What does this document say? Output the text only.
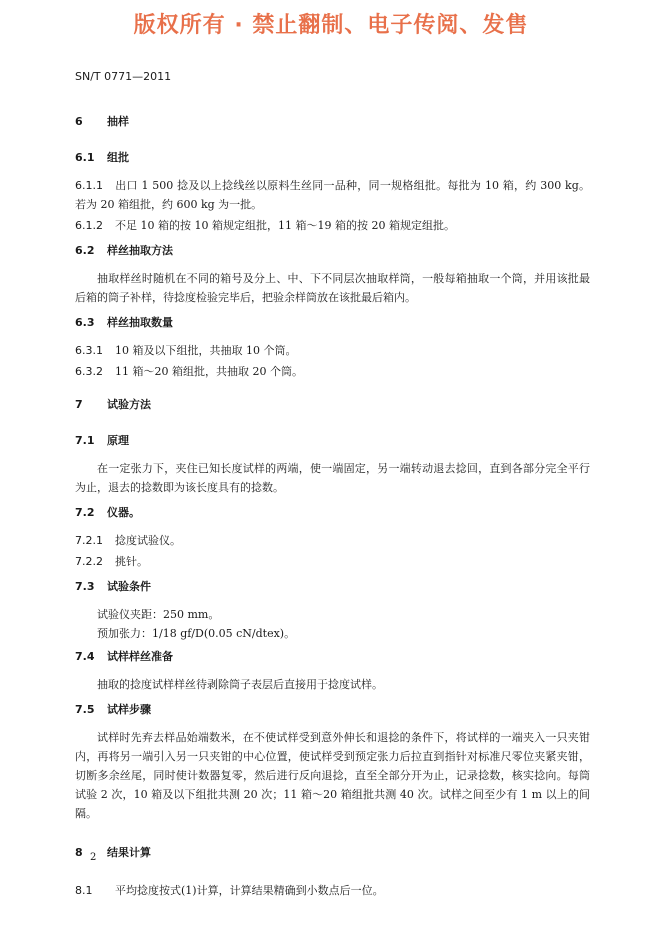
版权所有 · 禁止翻制、电子传阅、发售
SN/T 0771—2011
6 抽样
6.1 组批
6.1.1 出口 1 500 捻及以上捻线丝以原料生丝同一品种，同一规格组批。每批为 10 箱，约 300 kg。若为 20 箱组批，约 600 kg 为一批。
6.1.2 不足 10 箱的按 10 箱规定组批，11 箱～19 箱的按 20 箱规定组批。
6.2 样丝抽取方法

抽取样丝时随机在不同的箱号及分上、中、下不同层次抽取样筒，一般每箱抽取一个筒，并用该批最后箱的筒子补样，待捻度检验完毕后，把验余样筒放在该批最后箱内。

6.3 样丝抽取数量
6.3.1 10 箱及以下组批，共抽取 10 个筒。
6.3.2 11 箱～20 箱组批，共抽取 20 个筒。
7 试验方法
7.1 原理

在一定张力下，夹住已知长度试样的两端，使一端固定，另一端转动退去捻回，直到各部分完全平行为止，退去的捻数即为该长度具有的捻数。

7.2 仪器。
7.2.1 捻度试验仪。
7.2.2 挑针。
7.3 试验条件

试验仪夹距：250 mm。

预加张力：1/18 gf/D(0.05 cN/dtex)。

7.4 试样样丝准备

抽取的捻度试样样丝待剥除筒子表层后直接用于捻度试样。

7.5 试样步骤

试样时先弃去样品始端数米，在不使试样受到意外伸长和退捻的条件下，将试样的一端夹入一只夹钳内，再将另一端引入另一只夹钳的中心位置，使试样受到预定张力后拉直到指针对标准尺零位夹紧夹钳，切断多余丝尾，同时使计数器复零，然后进行反向退捻，直至全部分开为止，记录捻数，核实捻向。每筒试验 2 次，10 箱及以下组批共测 20 次；11 箱～20 箱组批共测 40 次。试样之间至少有 1 m 以上的间隔。

8 结果计算
8.1 平均捻度按式(1)计算，计算结果精确到小数点后一位。
2
